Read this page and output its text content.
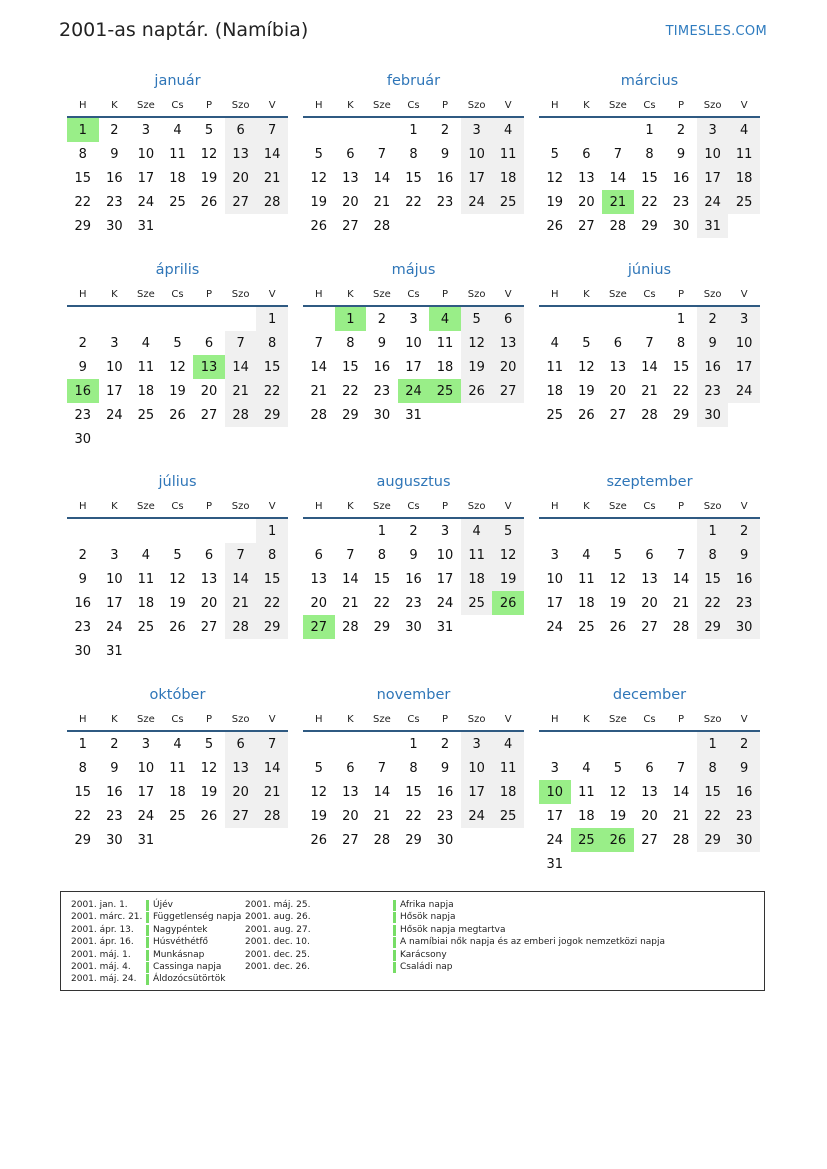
2001-as naptár. (Namíbia)	TIMESLES.COM
január
H	K	Sze	Cs	P	Szo	V
1	2	3	4	5	6	7
8	9	10	11	12	13	14
15	16	17	18	19	20	21
22	23	24	25	26	27	28
29	30	31				
február
H	K	Sze	Cs	P	Szo	V
			1	2	3	4
5	6	7	8	9	10	11
12	13	14	15	16	17	18
19	20	21	22	23	24	25
26	27	28				
március
H	K	Sze	Cs	P	Szo	V
			1	2	3	4
5	6	7	8	9	10	11
12	13	14	15	16	17	18
19	20	21	22	23	24	25
26	27	28	29	30	31	
április
H	K	Sze	Cs	P	Szo	V
						1
2	3	4	5	6	7	8
9	10	11	12	13	14	15
16	17	18	19	20	21	22
23	24	25	26	27	28	29
30						
május
H	K	Sze	Cs	P	Szo	V
	1	2	3	4	5	6
7	8	9	10	11	12	13
14	15	16	17	18	19	20
21	22	23	24	25	26	27
28	29	30	31			
június
H	K	Sze	Cs	P	Szo	V
				1	2	3
4	5	6	7	8	9	10
11	12	13	14	15	16	17
18	19	20	21	22	23	24
25	26	27	28	29	30	
július
H	K	Sze	Cs	P	Szo	V
						1
2	3	4	5	6	7	8
9	10	11	12	13	14	15
16	17	18	19	20	21	22
23	24	25	26	27	28	29
30	31					
augusztus
H	K	Sze	Cs	P	Szo	V
		1	2	3	4	5
6	7	8	9	10	11	12
13	14	15	16	17	18	19
20	21	22	23	24	25	26
27	28	29	30	31		
szeptember
H	K	Sze	Cs	P	Szo	V
					1	2
3	4	5	6	7	8	9
10	11	12	13	14	15	16
17	18	19	20	21	22	23
24	25	26	27	28	29	30
október
H	K	Sze	Cs	P	Szo	V
1	2	3	4	5	6	7
8	9	10	11	12	13	14
15	16	17	18	19	20	21
22	23	24	25	26	27	28
29	30	31				
november
H	K	Sze	Cs	P	Szo	V
			1	2	3	4
5	6	7	8	9	10	11
12	13	14	15	16	17	18
19	20	21	22	23	24	25
26	27	28	29	30		
december
H	K	Sze	Cs	P	Szo	V
					1	2
3	4	5	6	7	8	9
10	11	12	13	14	15	16
17	18	19	20	21	22	23
24	25	26	27	28	29	30
31						
2001. jan. 1.	Újév
2001. márc. 21.	Függetlenség napja
2001. ápr. 13.	Nagypéntek
2001. ápr. 16.	Húsvéthétfő
2001. máj. 1.	Munkásnap
2001. máj. 4.	Cassinga napja
2001. máj. 24.	Áldozócsütörtök
2001. máj. 25.	Afrika napja
2001. aug. 26.	Hősök napja
2001. aug. 27.	Hősök napja megtartva
2001. dec. 10.	A namíbiai nők napja és az emberi jogok nemzetközi napja
2001. dec. 25.	Karácsony
2001. dec. 26.	Családi nap
